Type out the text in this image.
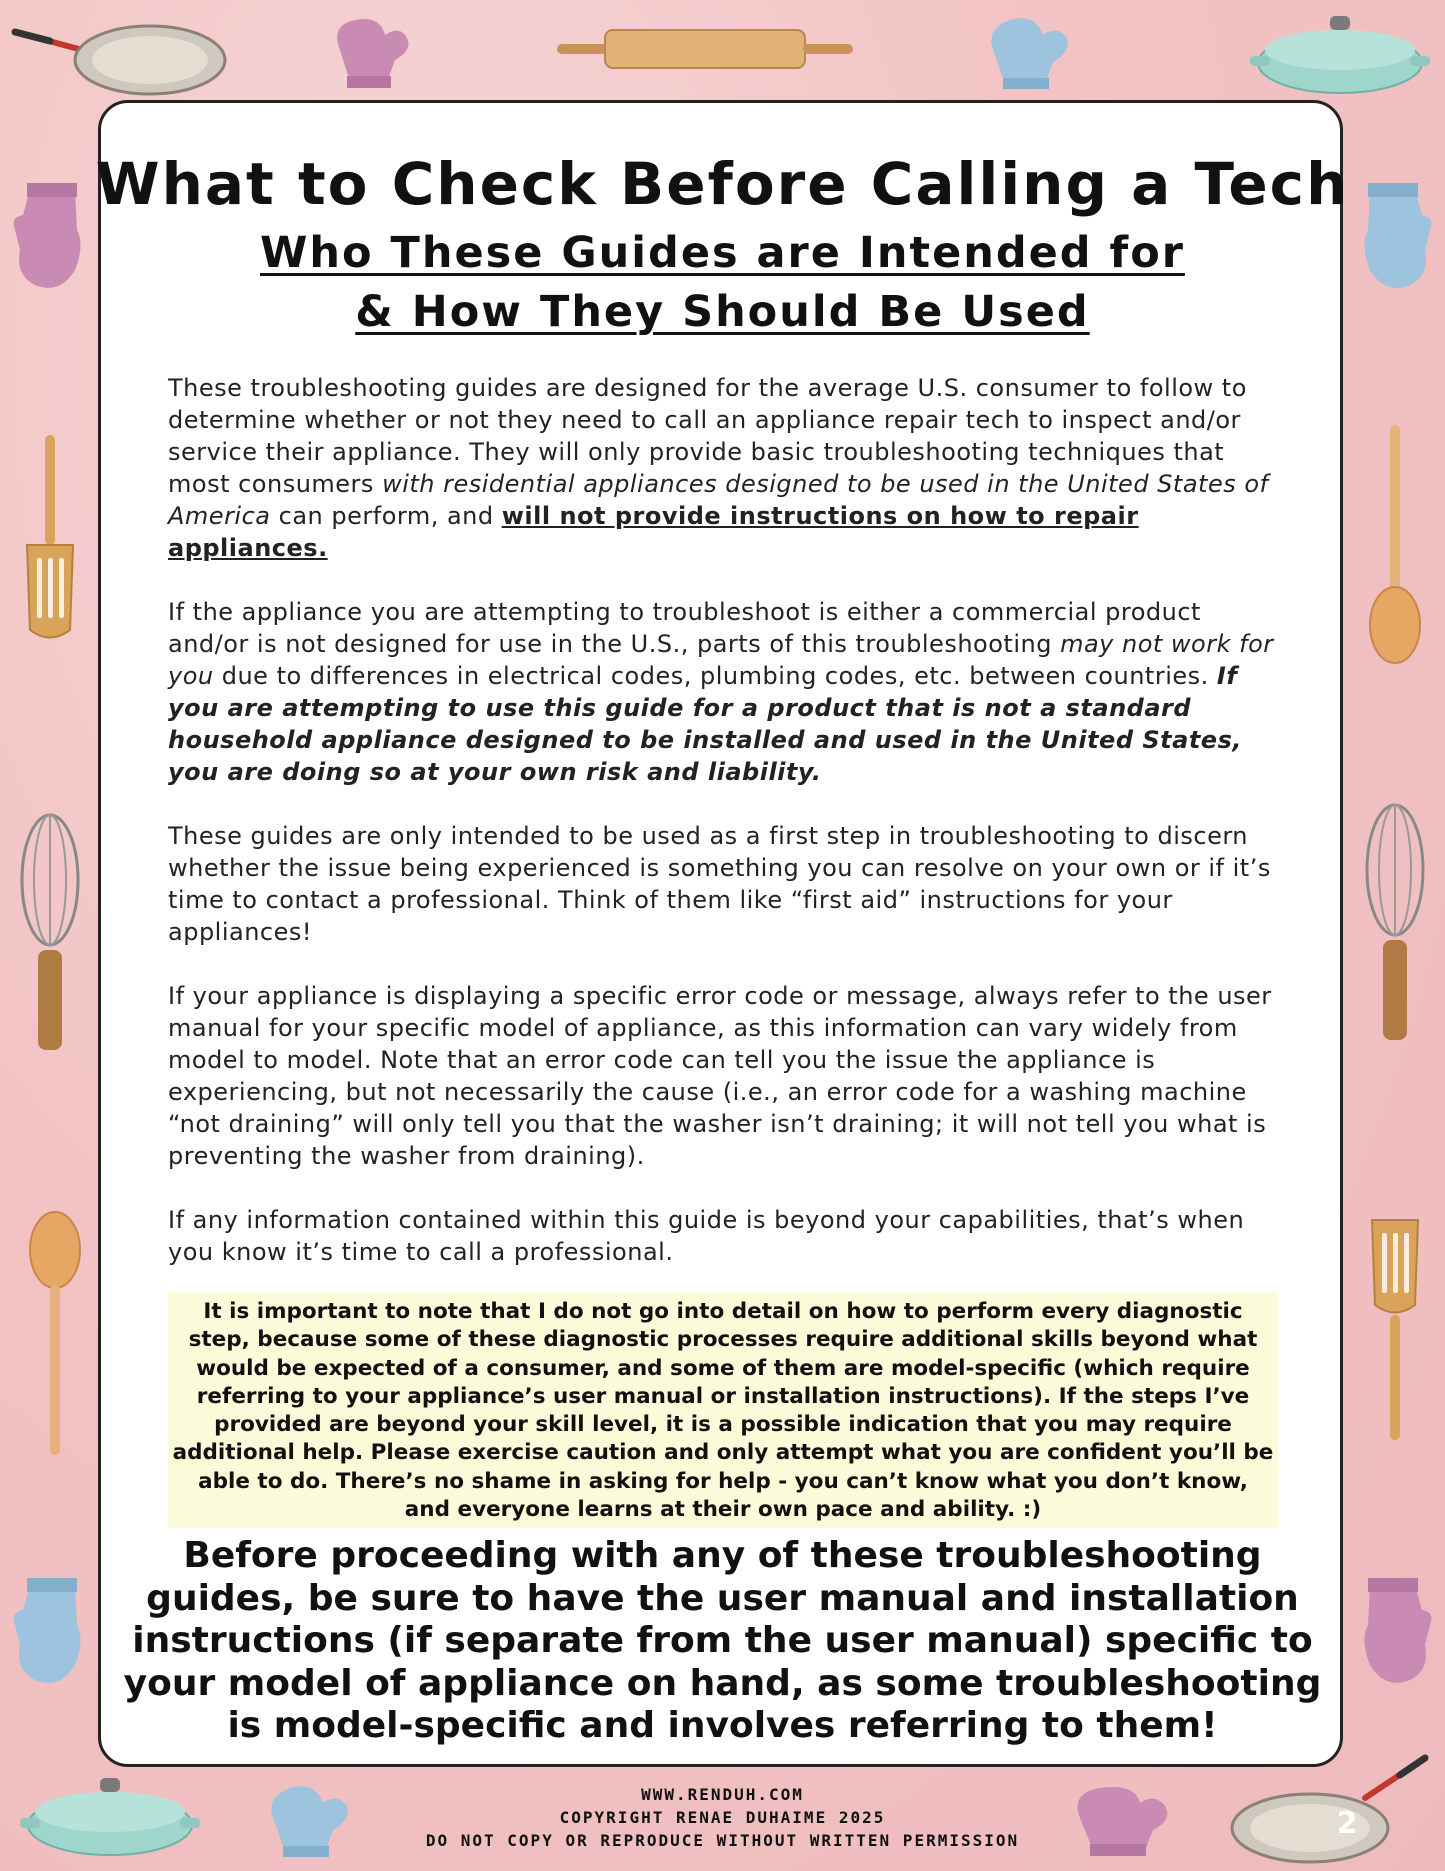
What to Check Before Calling a Tech
Who These Guides are Intended for
& How They Should Be Used

These troubleshooting guides are designed for the average U.S. consumer to follow to determine whether or not they need to call an appliance repair tech to inspect and/or service their appliance. They will only provide basic troubleshooting techniques that most consumers with residential appliances designed to be used in the United States of America can perform, and will not provide instructions on how to repair appliances.

If the appliance you are attempting to troubleshoot is either a commercial product and/or is not designed for use in the U.S., parts of this troubleshooting may not work for you due to differences in electrical codes, plumbing codes, etc. between countries. If you are attempting to use this guide for a product that is not a standard household appliance designed to be installed and used in the United States, you are doing so at your own risk and liability.

These guides are only intended to be used as a first step in troubleshooting to discern whether the issue being experienced is something you can resolve on your own or if it’s time to contact a professional. Think of them like “first aid” instructions for your appliances!

If your appliance is displaying a specific error code or message, always refer to the user manual for your specific model of appliance, as this information can vary widely from model to model. Note that an error code can tell you the issue the appliance is experiencing, but not necessarily the cause (i.e., an error code for a washing machine “not draining” will only tell you that the washer isn’t draining; it will not tell you what is preventing the washer from draining).

If any information contained within this guide is beyond your capabilities, that’s when you know it’s time to call a professional.

It is important to note that I do not go into detail on how to perform every diagnostic step, because some of these diagnostic processes require additional skills beyond what would be expected of a consumer, and some of them are model-specific (which require referring to your appliance’s user manual or installation instructions). If the steps I’ve provided are beyond your skill level, it is a possible indication that you may require additional help. Please exercise caution and only attempt what you are confident you’ll be able to do. There’s no shame in asking for help - you can’t know what you don’t know, and everyone learns at their own pace and ability. :)
Before proceeding with any of these troubleshooting guides, be sure to have the user manual and installation instructions (if separate from the user manual) specific to your model of appliance on hand, as some troubleshooting is model-specific and involves referring to them!
WWW.RENDUH.COM
COPYRIGHT RENAE DUHAIME 2025
DO NOT COPY OR REPRODUCE WITHOUT WRITTEN PERMISSION	2
